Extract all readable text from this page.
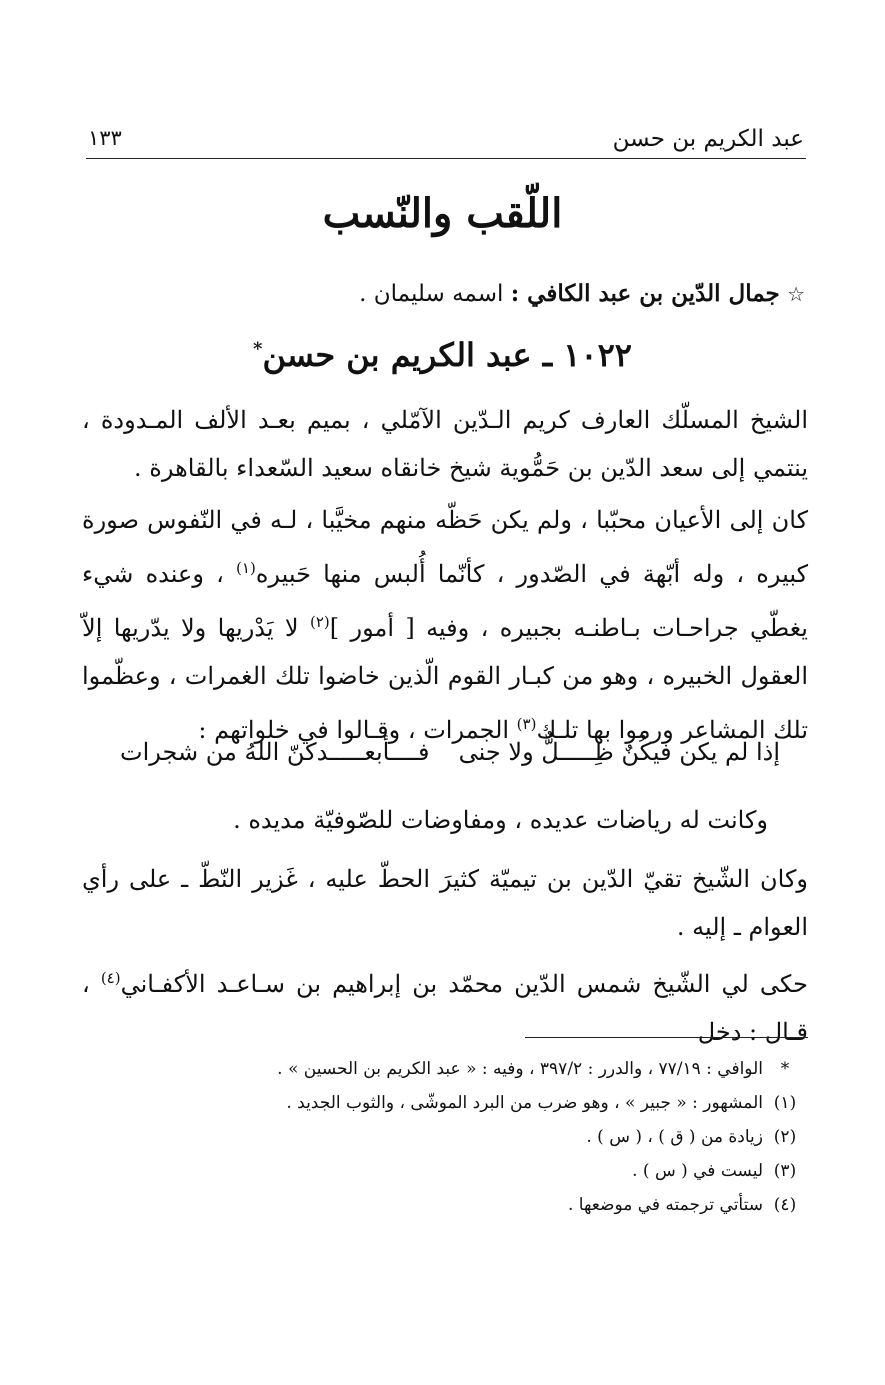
عبد الكريم بن حسن
١٣٣
اللّقب والنّسب
☆ جمال الدّين بن عبد الكافي : اسمه سليمان .
١٠٢٢ ـ عبد الكريم بن حسن*
الشيخ المسلّك العارف كريم الـدّين الآمّلي ، بميم بعـد الألف المـدودة ، ينتمي إلى سعد الدّين بن حَمُّوية شيخ خانقاه سعيد السّعداء بالقاهرة .
كان إلى الأعيان محبّبا ، ولم يكن حَظّه منهم مخيَّبا ، لـه في النّفوس صورة كبيره ، وله أبّهة في الصّدور ، كأنّما أُلبس منها حَبيره$^{(١)}$ ، وعنده شيء يغطّي جراحـات بـاطنـه بجبيره ، وفيه [ أمور ]$^{(٢)}$ لا يَدْريها ولا يدّريها إلاّ العقول الخبيره ، وهو من كبـار القوم الّذين خاضوا تلك الغمرات ، وعظّموا تلك المشاعر ورموا بها تلـك$^{(٣)}$ الجمرات ، وقـالوا في خلواتهم :
إذا لم يكن فيكُنٌ ظِـــــلٌّ ولا جنى
فــــأبعـــــدكنّ اللهُ من شجرات
وكانت له رياضات عديده ، ومفاوضات للصّوفيّة مديده .
وكان الشّيخ تقيّ الدّين بن تيميّة كثيرَ الحطّ عليه ، غَزير النّطّ ـ على رأي العوام ـ إليه .
حكى لي الشّيخ شمس الدّين محمّد بن إبراهيم بن سـاعـد الأكفـاني$^{(٤)}$ ، قـال : دخل
*
الوافي : ٧٧/١٩ ، والدرر : ٣٩٧/٢ ، وفيه : « عبد الكريم بن الحسين » .
(١)
المشهور : « جبير » ، وهو ضرب من البرد الموشّى ، والثوب الجديد .
(٢)
زيادة من ( ق ) ، ( س ) .
(٣)
ليست في ( س ) .
(٤)
ستأتي ترجمته في موضعها .
